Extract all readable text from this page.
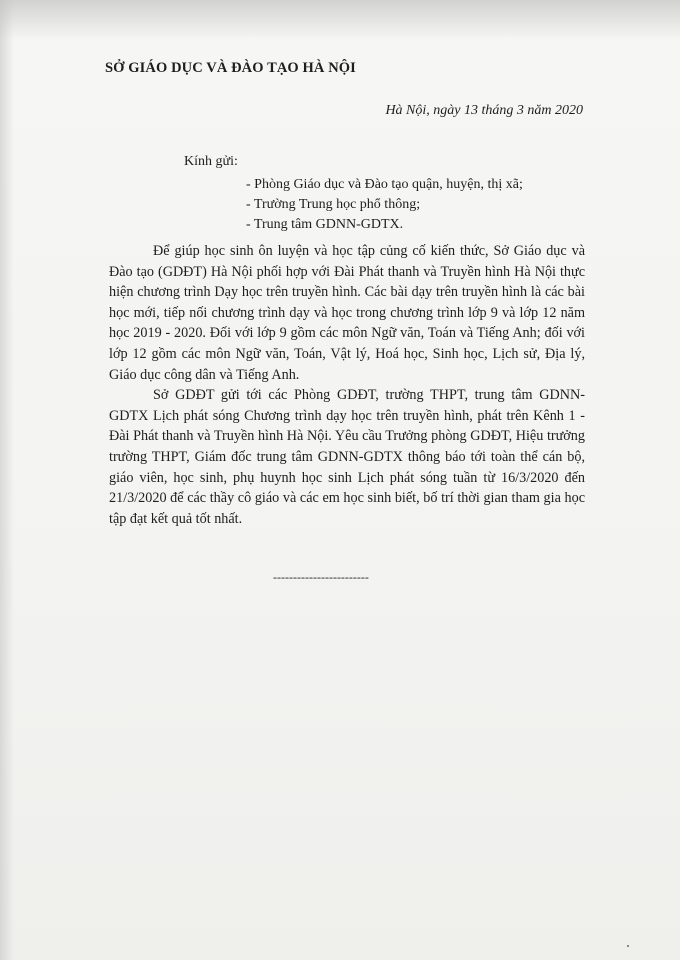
SỞ GIÁO DỤC VÀ ĐÀO TẠO HÀ NỘI
Hà Nội, ngày 13 tháng 3 năm 2020
Kính gửi:
- Phòng Giáo dục và Đào tạo quận, huyện, thị xã;
- Trường Trung học phổ thông;
- Trung tâm GDNN-GDTX.

Để giúp học sinh ôn luyện và học tập củng cố kiến thức, Sở Giáo dục và Đào tạo (GDĐT) Hà Nội phối hợp với Đài Phát thanh và Truyền hình Hà Nội thực hiện chương trình Dạy học trên truyền hình. Các bài dạy trên truyền hình là các bài học mới, tiếp nối chương trình dạy và học trong chương trình lớp 9 và lớp 12 năm học 2019 - 2020. Đối với lớp 9 gồm các môn Ngữ văn, Toán và Tiếng Anh; đối với lớp 12 gồm các môn Ngữ văn, Toán, Vật lý, Hoá học, Sinh học, Lịch sử, Địa lý, Giáo dục công dân và Tiếng Anh.

Sở GDĐT gửi tới các Phòng GDĐT, trường THPT, trung tâm GDNN-GDTX Lịch phát sóng Chương trình dạy học trên truyền hình, phát trên Kênh 1 - Đài Phát thanh và Truyền hình Hà Nội. Yêu cầu Trưởng phòng GDĐT, Hiệu trưởng trường THPT, Giám đốc trung tâm GDNN-GDTX thông báo tới toàn thể cán bộ, giáo viên, học sinh, phụ huynh học sinh Lịch phát sóng tuần từ 16/3/2020 đến 21/3/2020 để các thầy cô giáo và các em học sinh biết, bố trí thời gian tham gia học tập đạt kết quả tốt nhất.

------------------------
